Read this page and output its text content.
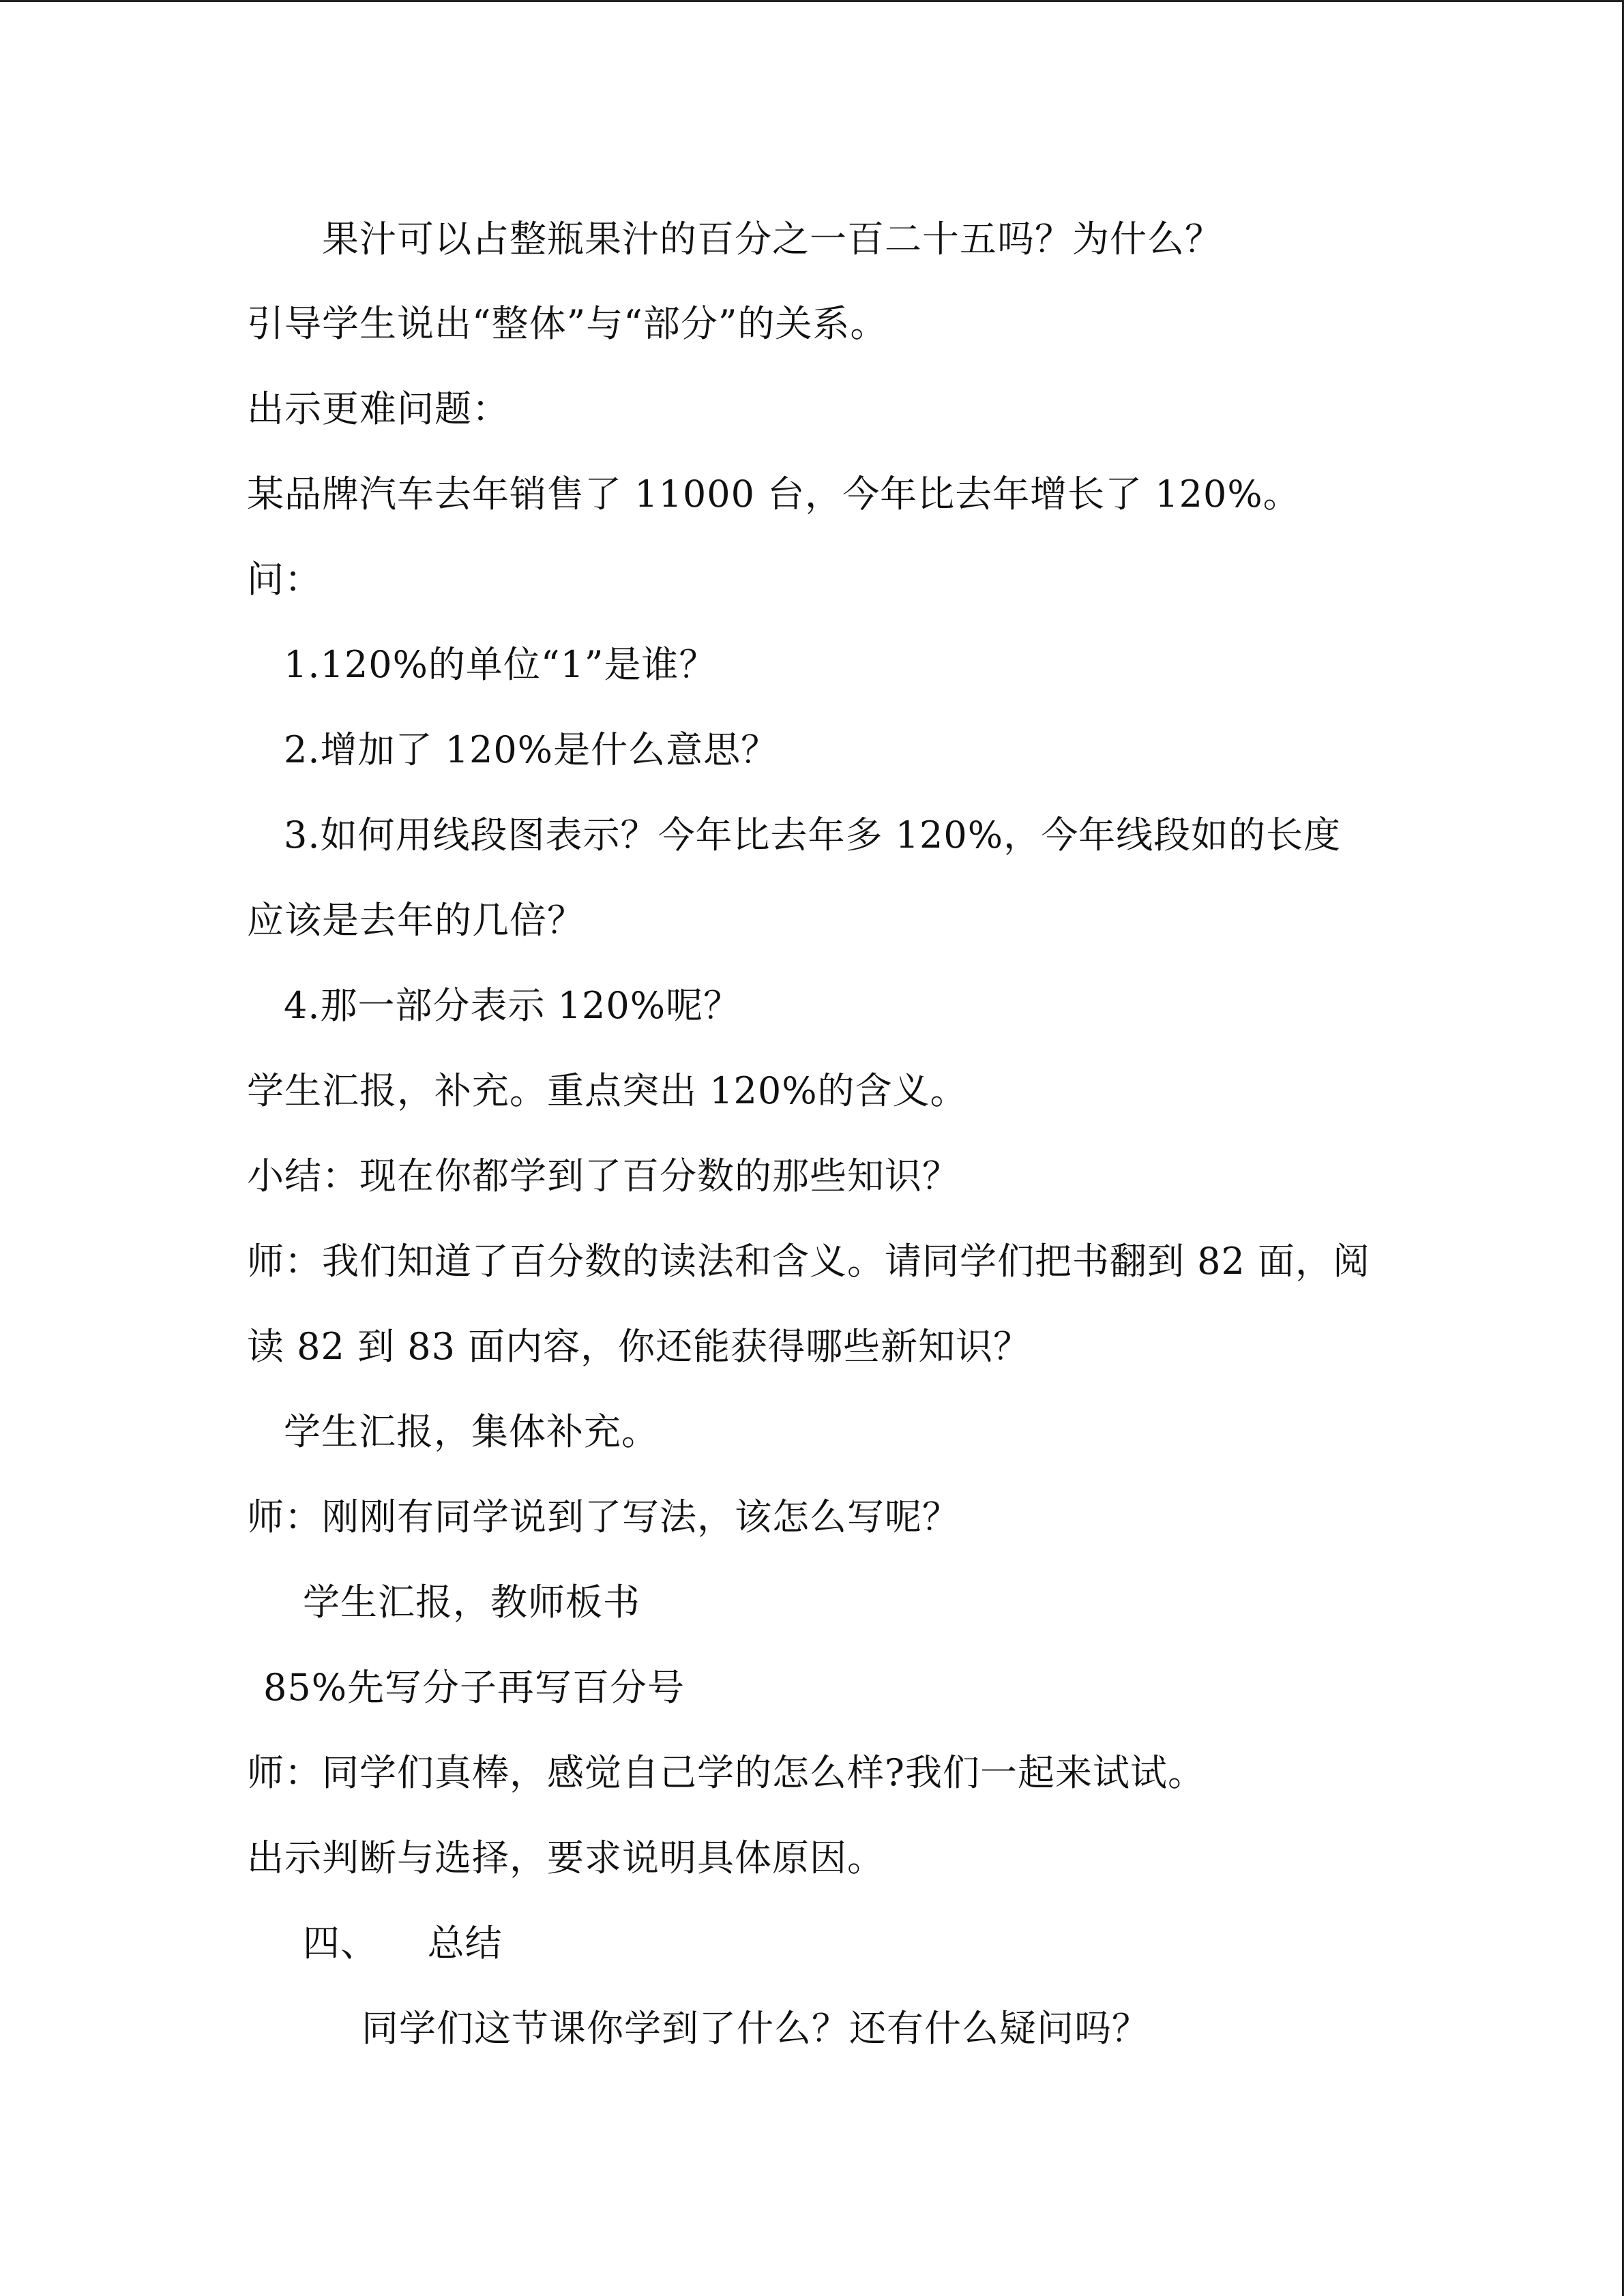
果汁可以占整瓶果汁的百分之一百二十五吗？为什么？
引导学生说出“整体”与“部分”的关系。
出示更难问题：
某品牌汽车去年销售了 11000 台，今年比去年增长了 120%。
问：
1.120%的单位“1”是谁？
2.增加了 120%是什么意思？
3.如何用线段图表示？今年比去年多 120%，今年线段如的长度
应该是去年的几倍？
4.那一部分表示 120%呢？
学生汇报，补充。重点突出 120%的含义。
小结：现在你都学到了百分数的那些知识？
师：我们知道了百分数的读法和含义。请同学们把书翻到 82 面，阅
读 82 到 83 面内容，你还能获得哪些新知识？
学生汇报，集体补充。
师：刚刚有同学说到了写法，该怎么写呢？
学生汇报，教师板书
85%先写分子再写百分号
师：同学们真棒，感觉自己学的怎么样?我们一起来试试。
出示判断与选择，要求说明具体原因。
四、    总结
同学们这节课你学到了什么？还有什么疑问吗？
